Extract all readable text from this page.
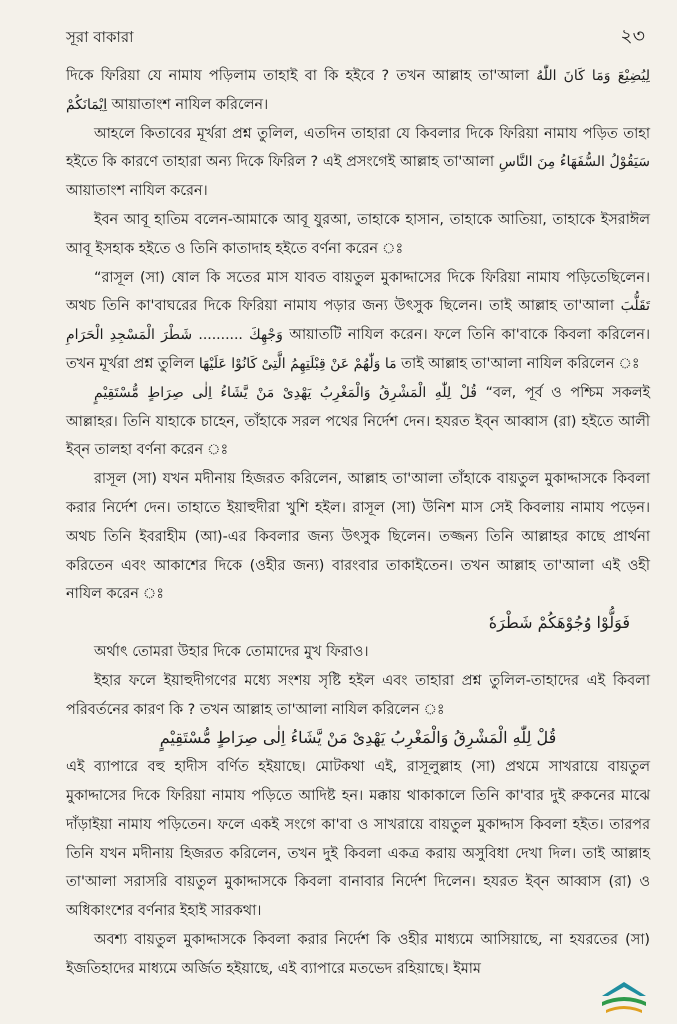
সূরা বাকারা	২৩

দিকে ফিরিয়া যে নামায পড়িলাম তাহাই বা কি হইবে ? তখন আল্লাহ তা'আলা وَمَا كَانَ اللّٰهُ لِيُضِيْعَ اِيْمَانَكُمْ আয়াতাংশ নাযিল করিলেন।

আহলে কিতাবের মূর্খরা প্রশ্ন তুলিল, এতদিন তাহারা যে কিবলার দিকে ফিরিয়া নামায পড়িত তাহা হইতে কি কারণে তাহারা অন্য দিকে ফিরিল ? এই প্রসংগেই আল্লাহ তা'আলা سَيَقُوْلُ السُّفَهَاءُ مِنَ النَّاسِ আয়াতাংশ নাযিল করেন।

ইবন আবূ হাতিম বলেন-আমাকে আবূ যুরআ, তাহাকে হাসান, তাহাকে আতিয়া, তাহাকে ইসরাঈল আবূ ইসহাক হইতে ও তিনি কাতাদাহ হইতে বর্ণনা করেন ঃ

“রাসূল (সা) ষোল কি সতের মাস যাবত বায়তুল মুকাদ্দাসের দিকে ফিরিয়া নামায পড়িতেছিলেন। অথচ তিনি কা'বাঘরের দিকে ফিরিয়া নামায পড়ার জন্য উৎসুক ছিলেন। তাই আল্লাহ তা'আলা تَقَلُّبَ وَجْهِكَ .......... شَطْرَ الْمَسْجِدِ الْحَرَامِ আয়াতটি নাযিল করেন। ফলে তিনি কা'বাকে কিবলা করিলেন। তখন মূর্খরা প্রশ্ন তুলিল مَا وَلّٰهُمْ عَنْ قِبْلَتِهِمُ الَّتِىْ كَانُوْا عَلَيْهَا তাই আল্লাহ তা'আলা নাযিল করিলেন ঃ

قُلْ لِلّٰهِ الْمَشْرِقُ وَالْمَغْرِبُ يَهْدِىْ مَنْ يَّشَاءُ اِلٰى صِرَاطٍ مُّسْتَقِيْمٍ “বল, পূর্ব ও পশ্চিম সকলই আল্লাহর। তিনি যাহাকে চাহেন, তাঁহাকে সরল পথের নির্দেশ দেন। হযরত ইব্‌ন আব্বাস (রা) হইতে আলী ইব্‌ন তালহা বর্ণনা করেন ঃ

রাসূল (সা) যখন মদীনায় হিজরত করিলেন, আল্লাহ তা'আলা তাঁহাকে বায়তুল মুকাদ্দাসকে কিবলা করার নির্দেশ দেন। তাহাতে ইয়াহুদীরা খুশি হইল। রাসূল (সা) উনিশ মাস সেই কিবলায় নামায পড়েন। অথচ তিনি ইবরাহীম (আ)-এর কিবলার জন্য উৎসুক ছিলেন। তজ্জন্য তিনি আল্লাহর কাছে প্রার্থনা করিতেন এবং আকাশের দিকে (ওহীর জন্য) বারংবার তাকাইতেন। তখন আল্লাহ তা'আলা এই ওহী নাযিল করেন ঃ

فَوَلُّوْا وُجُوْهَكُمْ شَطْرَهٗ

অর্থাৎ তোমরা উহার দিকে তোমাদের মুখ ফিরাও।

ইহার ফলে ইয়াহুদীগণের মধ্যে সংশয় সৃষ্টি হইল এবং তাহারা প্রশ্ন তুলিল-তাহাদের এই কিবলা পরিবর্তনের কারণ কি ? তখন আল্লাহ তা'আলা নাযিল করিলেন ঃ

قُلْ لِلّٰهِ الْمَشْرِقُ وَالْمَغْرِبُ يَهْدِىْ مَنْ يَّشَاءُ اِلٰى صِرَاطٍ مُّسْتَقِيْمٍ

এই ব্যাপারে বহু হাদীস বর্ণিত হইয়াছে। মোটকথা এই, রাসূলুল্লাহ (সা) প্রথমে সাখরায়ে বায়তুল মুকাদ্দাসের দিকে ফিরিয়া নামায পড়িতে আদিষ্ট হন। মক্কায় থাকাকালে তিনি কা'বার দুই রুকনের মাঝে দাঁড়াইয়া নামায পড়িতেন। ফলে একই সংগে কা'বা ও সাখরায়ে বায়তুল মুকাদ্দাস কিবলা হইত। তারপর তিনি যখন মদীনায় হিজরত করিলেন, তখন দুই কিবলা একত্র করায় অসুবিধা দেখা দিল। তাই আল্লাহ তা'আলা সরাসরি বায়তুল মুকাদ্দাসকে কিবলা বানাবার নির্দেশ দিলেন। হযরত ইব্‌ন আব্বাস (রা) ও অধিকাংশের বর্ণনার ইহাই সারকথা।

অবশ্য বায়তুল মুকাদ্দাসকে কিবলা করার নির্দেশ কি ওহীর মাধ্যমে আসিয়াছে, না হযরতের (সা) ইজতিহাদের মাধ্যমে অর্জিত হইয়াছে, এই ব্যাপারে মতভেদ রহিয়াছে। ইমাম
